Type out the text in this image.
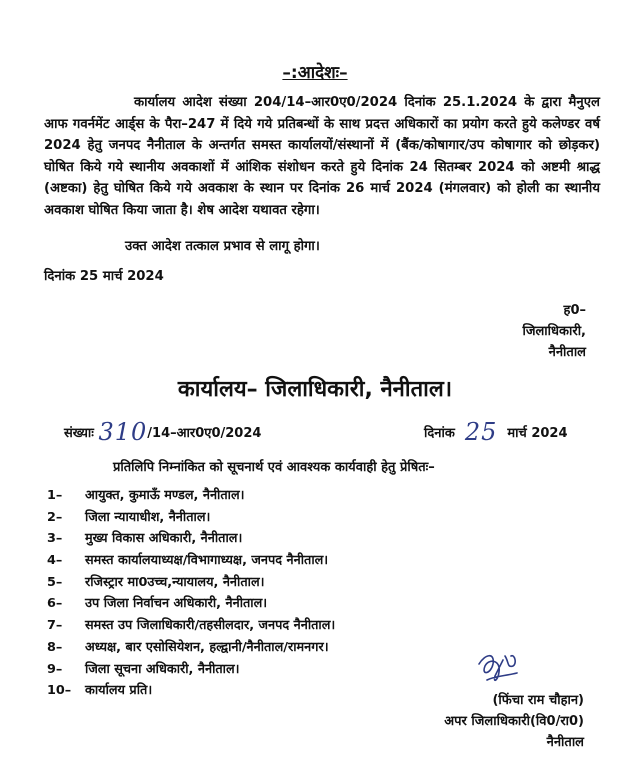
–:आदेशः–
कार्यालय आदेश संख्या 204/14–आर0ए0/2024 दिनांक 25.1.2024 के द्वारा मैनुएल आफ गवर्नमेंट आर्ड्स के पैरा–247 में दिये गये प्रतिबन्धों के साथ प्रदत्त अधिकारों का प्रयोग करते हुये कलेण्डर वर्ष 2024 हेतु जनपद नैनीताल के अन्तर्गत समस्त कार्यालयों/संस्थानों में (बैंक/कोषागार/उप कोषागार को छोड़कर) घोषित किये गये स्थानीय अवकाशों में आंशिक संशोधन करते हुये दिनांक 24 सितम्बर 2024 को अष्टमी श्राद्ध (अष्टका) हेतु घोषित किये गये अवकाश के स्थान पर दिनांक 26 मार्च 2024 (मंगलवार) को होली का स्थानीय अवकाश घोषित किया जाता है। शेष आदेश यथावत रहेगा।
उक्त आदेश तत्काल प्रभाव से लागू होगा।
दिनांक 25 मार्च 2024
ह0–
जिलाधिकारी,
नैनीताल
कार्यालय– जिलाधिकारी, नैनीताल।
संख्याः 310/14–आर0ए0/2024	दिनांक 25 मार्च 2024
प्रतिलिपि निम्नांकित को सूचनार्थ एवं आवश्यक कार्यवाही हेतु प्रेषितः–
1– आयुक्त, कुमाऊँ मण्डल, नैनीताल।
2– जिला न्यायाधीश, नैनीताल।
3– मुख्य विकास अधिकारी, नैनीताल।
4– समस्त कार्यालयाध्यक्ष/विभागाध्यक्ष, जनपद नैनीताल।
5– रजिस्ट्रार मा0उच्च,न्यायालय, नैनीताल।
6– उप जिला निर्वाचन अधिकारी, नैनीताल।
7– समस्त उप जिलाधिकारी/तहसीलदार, जनपद नैनीताल।
8– अध्यक्ष, बार एसोसियेशन, हल्द्वानी/नैनीताल/रामनगर।
9– जिला सूचना अधिकारी, नैनीताल।
10– कार्यालय प्रति।
(फिंचा राम चौहान)
अपर जिलाधिकारी(वि0/रा0)
नैनीताल
